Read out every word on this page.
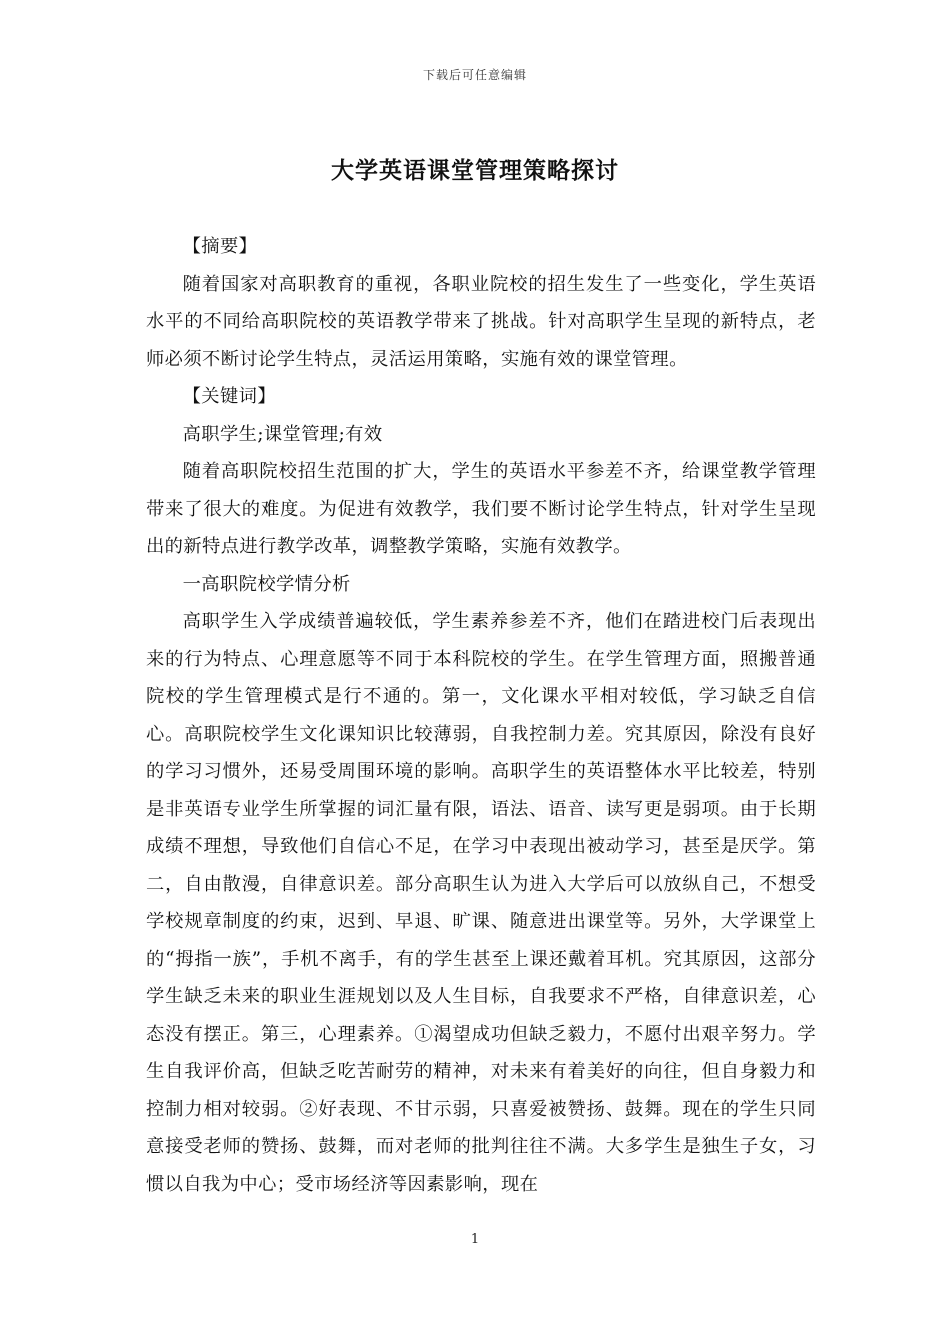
下载后可任意编辑
大学英语课堂管理策略探讨

【摘要】

随着国家对高职教育的重视，各职业院校的招生发生了一些变化，学生英语水平的不同给高职院校的英语教学带来了挑战。针对高职学生呈现的新特点，老师必须不断讨论学生特点，灵活运用策略，实施有效的课堂管理。

【关键词】

高职学生;课堂管理;有效

随着高职院校招生范围的扩大，学生的英语水平参差不齐，给课堂教学管理带来了很大的难度。为促进有效教学，我们要不断讨论学生特点，针对学生呈现出的新特点进行教学改革，调整教学策略，实施有效教学。

一高职院校学情分析

高职学生入学成绩普遍较低，学生素养参差不齐，他们在踏进校门后表现出来的行为特点、心理意愿等不同于本科院校的学生。在学生管理方面，照搬普通院校的学生管理模式是行不通的。第一，文化课水平相对较低，学习缺乏自信心。高职院校学生文化课知识比较薄弱，自我控制力差。究其原因，除没有良好的学习习惯外，还易受周围环境的影响。高职学生的英语整体水平比较差，特别是非英语专业学生所掌握的词汇量有限，语法、语音、读写更是弱项。由于长期成绩不理想，导致他们自信心不足，在学习中表现出被动学习，甚至是厌学。第二，自由散漫，自律意识差。部分高职生认为进入大学后可以放纵自己，不想受学校规章制度的约束，迟到、早退、旷课、随意进出课堂等。另外，大学课堂上的“拇指一族”，手机不离手，有的学生甚至上课还戴着耳机。究其原因，这部分学生缺乏未来的职业生涯规划以及人生目标，自我要求不严格，自律意识差，心态没有摆正。第三，心理素养。①渴望成功但缺乏毅力，不愿付出艰辛努力。学生自我评价高，但缺乏吃苦耐劳的精神，对未来有着美好的向往，但自身毅力和控制力相对较弱。②好表现、不甘示弱，只喜爱被赞扬、鼓舞。现在的学生只同意接受老师的赞扬、鼓舞，而对老师的批判往往不满。大多学生是独生子女，习惯以自我为中心；受市场经济等因素影响，现在

1
